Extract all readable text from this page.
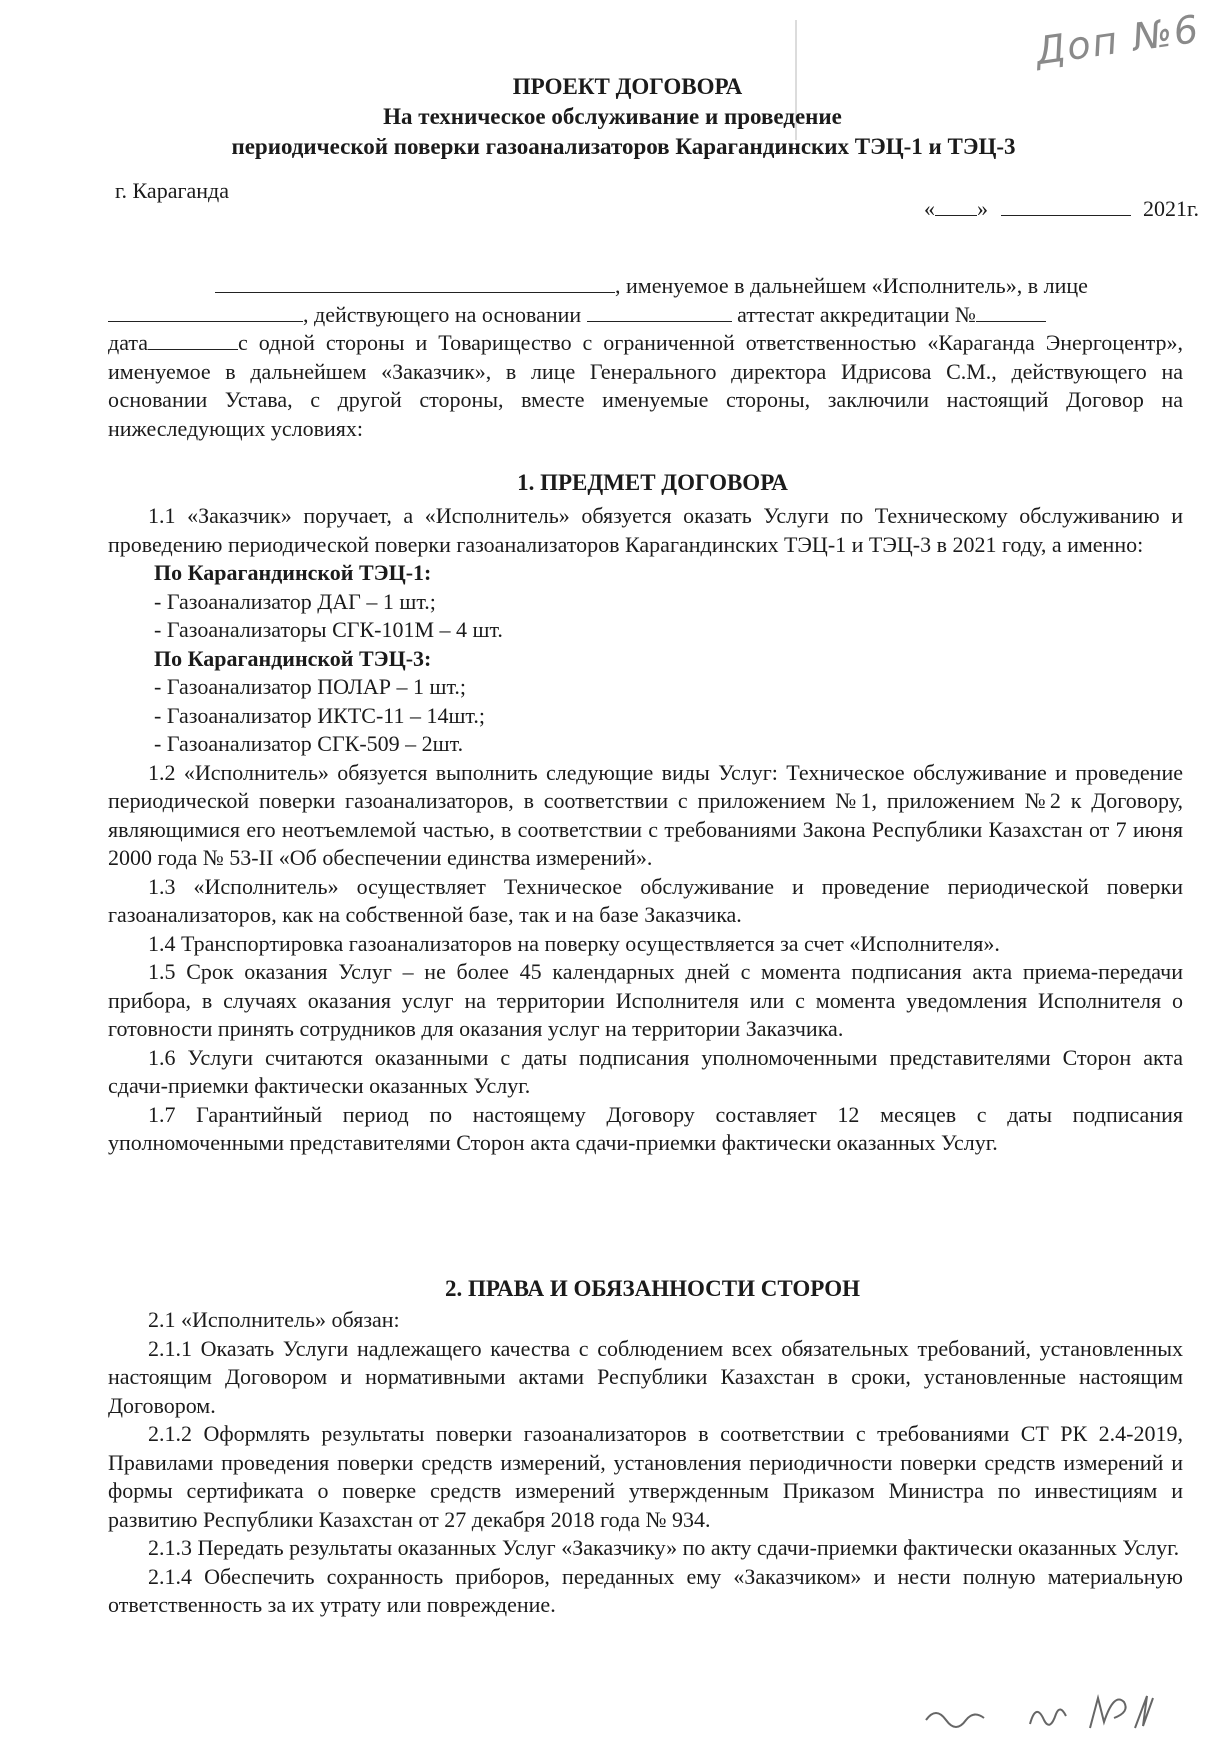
Доп №6
ПРОЕКТ ДОГОВОРА
На техническое обслуживание и проведение
периодической поверки газоанализаторов Карагандинских ТЭЦ-1 и ТЭЦ-3
г. Караганда
« »	2021г.

, именуемое в дальнейшем «Исполнитель», в лице

, действующего на основании	аттестат аккредитации №

дата	с одной стороны и Товарищество с ограниченной ответственностью «Караганда Энергоцентр», именуемое в дальнейшем «Заказчик», в лице Генерального директора Идрисова С.М., действующего на основании Устава, с другой стороны, вместе именуемые стороны, заключили настоящий Договор на нижеследующих условиях:

1. ПРЕДМЕТ ДОГОВОРА

1.1 «Заказчик» поручает, а «Исполнитель» обязуется оказать Услуги по Техническому обслуживанию и проведению периодической поверки газоанализаторов Карагандинских ТЭЦ-1 и ТЭЦ-3 в 2021 году, а именно:

По Карагандинской ТЭЦ-1:

- Газоанализатор ДАГ – 1 шт.;

- Газоанализаторы СГК-101М – 4 шт.

По Карагандинской ТЭЦ-3:

- Газоанализатор ПОЛАР – 1 шт.;

- Газоанализатор ИКТС-11 – 14шт.;

- Газоанализатор СГК-509 – 2шт.

1.2 «Исполнитель» обязуется выполнить следующие виды Услуг: Техническое обслуживание и проведение периодической поверки газоанализаторов, в соответствии с приложением №1, приложением №2 к Договору, являющимися его неотъемлемой частью, в соответствии с требованиями Закона Республики Казахстан от 7 июня 2000 года № 53-II «Об обеспечении единства измерений».

1.3 «Исполнитель» осуществляет Техническое обслуживание и проведение периодической поверки газоанализаторов, как на собственной базе, так и на базе Заказчика.

1.4 Транспортировка газоанализаторов на поверку осуществляется за счет «Исполнителя».

1.5 Срок оказания Услуг – не более 45 календарных дней с момента подписания акта приема-передачи прибора, в случаях оказания услуг на территории Исполнителя или с момента уведомления Исполнителя о готовности принять сотрудников для оказания услуг на территории Заказчика.

1.6 Услуги считаются оказанными с даты подписания уполномоченными представителями Сторон акта сдачи-приемки фактически оказанных Услуг.

1.7 Гарантийный период по настоящему Договору составляет 12 месяцев с даты подписания уполномоченными представителями Сторон акта сдачи-приемки фактически оказанных Услуг.

2. ПРАВА И ОБЯЗАННОСТИ СТОРОН

2.1 «Исполнитель» обязан:

2.1.1 Оказать Услуги надлежащего качества с соблюдением всех обязательных требований, установленных настоящим Договором и нормативными актами Республики Казахстан в сроки, установленные настоящим Договором.

2.1.2 Оформлять результаты поверки газоанализаторов в соответствии с требованиями СТ РК 2.4-2019, Правилами проведения поверки средств измерений, установления периодичности поверки средств измерений и формы сертификата о поверке средств измерений утвержденным Приказом Министра по инвестициям и развитию Республики Казахстан от 27 декабря 2018 года № 934.

2.1.3 Передать результаты оказанных Услуг «Заказчику» по акту сдачи-приемки фактически оказанных Услуг.

2.1.4 Обеспечить сохранность приборов, переданных ему «Заказчиком» и нести полную материальную ответственность за их утрату или повреждение.
